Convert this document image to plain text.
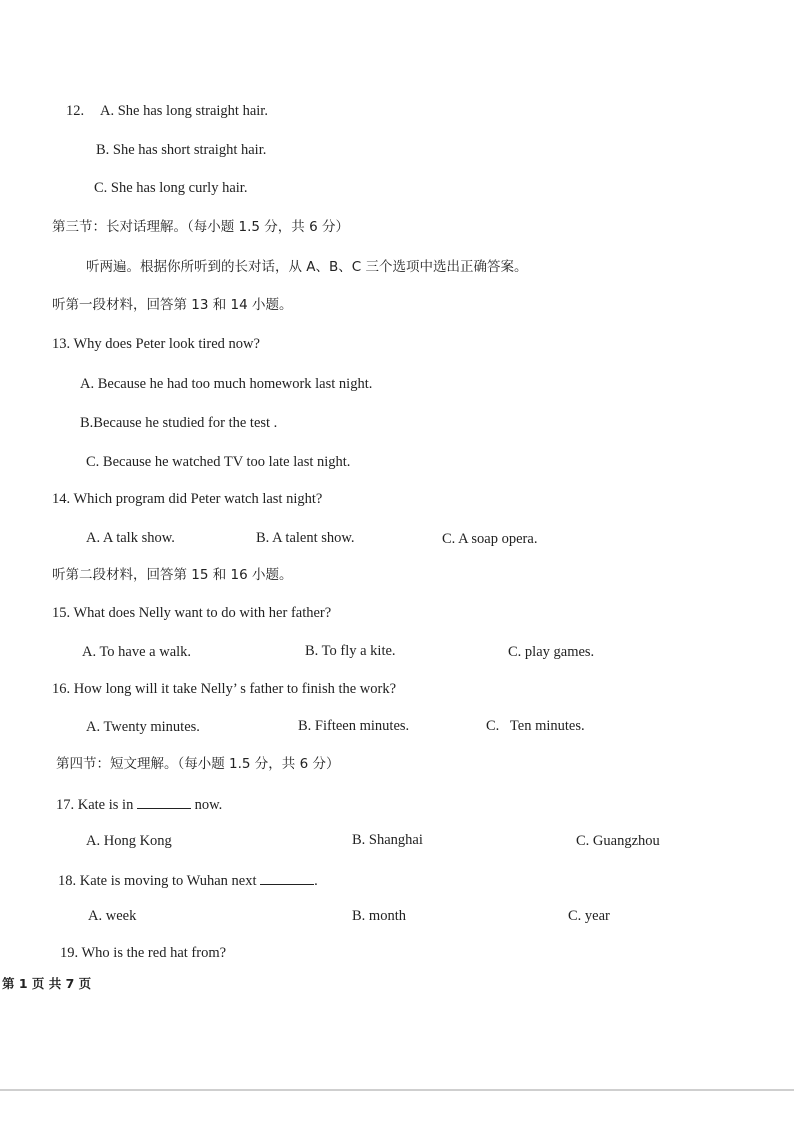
12. A. She has long straight hair.
B. She has short straight hair.
C. She has long curly hair.
第三节：长对话理解。（每小题 1.5 分，共 6 分）
听两遍。根据你所听到的长对话，从 A、B、C 三个选项中选出正确答案。
听第一段材料，回答第 13 和 14 小题。
13. Why does Peter look tired now?
A. Because he had too much homework last night.
B.Because he studied for the test .
C. Because he watched TV too late last night.
14. Which program did Peter watch last night?
A. A talk show.	B. A talent show.	C. A soap opera.
听第二段材料，回答第 15 和 16 小题。
15. What does Nelly want to do with her father?
A. To have a walk.	B. To fly a kite.	C. play games.
16. How long will it take Nelly’ s father to finish the work?
A. Twenty minutes.	B. Fifteen minutes.	C.   Ten minutes.
第四节：短文理解。（每小题 1.5 分，共 6 分）
17. Kate is in	now.
A. Hong Kong	B. Shanghai	C. Guangzhou
18. Kate is moving to Wuhan next	.
A. week	B. month	C. year
19. Who is the red hat from?
第 1 页 共 7 页
